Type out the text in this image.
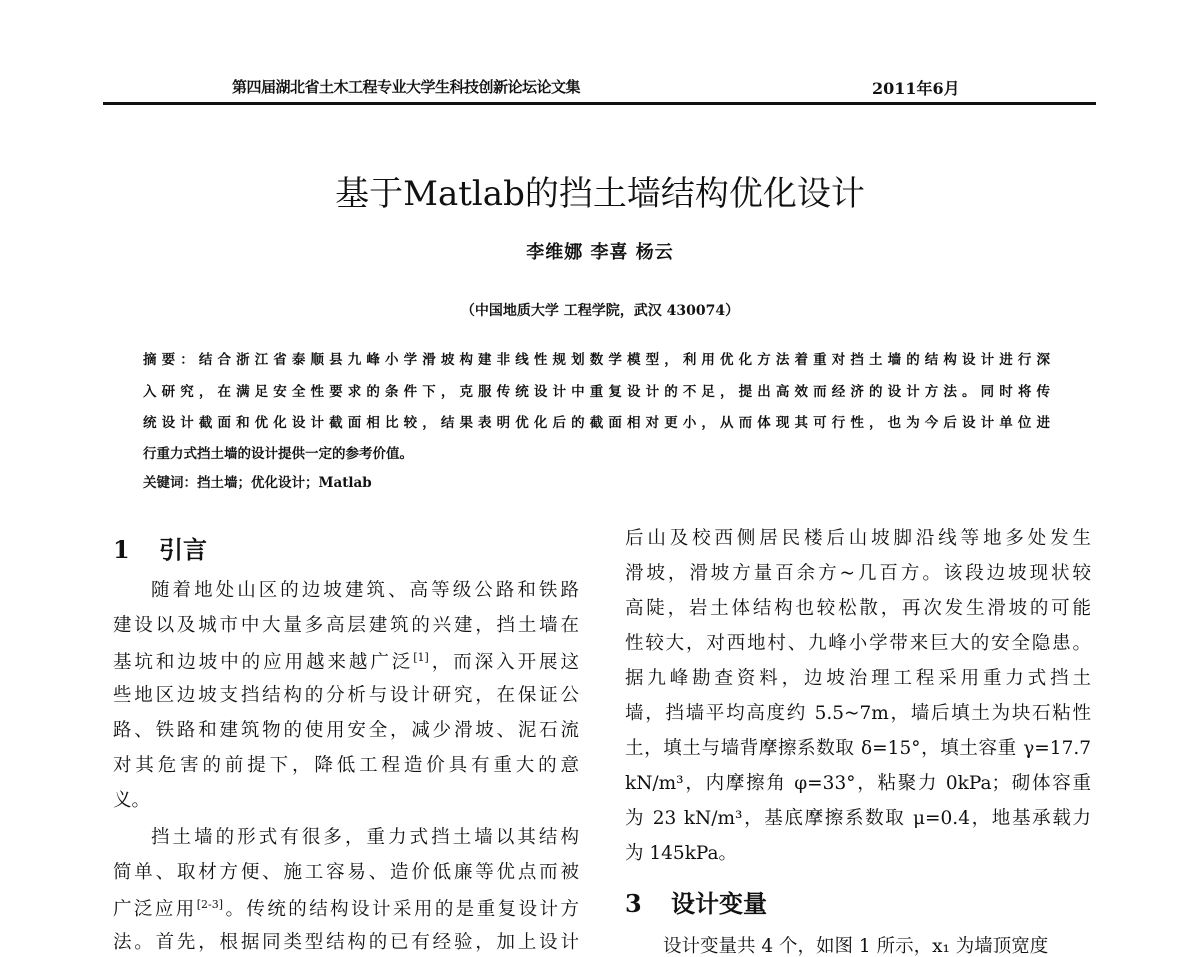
第四届湖北省土木工程专业大学生科技创新论坛论文集	2011年6月
基于Matlab的挡土墙结构优化设计
李维娜 李喜 杨云
（中国地质大学 工程学院，武汉 430074）
摘要：结合浙江省泰顺县九峰小学滑坡构建非线性规划数学模型，利用优化方法着重对挡土墙的结构设计进行深
入研究，在满足安全性要求的条件下，克服传统设计中重复设计的不足，提出高效而经济的设计方法。同时将传
统设计截面和优化设计截面相比较，结果表明优化后的截面相对更小，从而体现其可行性，也为今后设计单位进
行重力式挡土墙的设计提供一定的参考价值。
关键词：挡土墙；优化设计；Matlab
1 引言
随着地处山区的边坡建筑、高等级公路和铁路
建设以及城市中大量多高层建筑的兴建，挡土墙在
基坑和边坡中的应用越来越广泛[1]，而深入开展这
些地区边坡支挡结构的分析与设计研究，在保证公
路、铁路和建筑物的使用安全，减少滑坡、泥石流
对其危害的前提下，降低工程造价具有重大的意
义。
挡土墙的形式有很多，重力式挡土墙以其结构
简单、取材方便、施工容易、造价低廉等优点而被
广泛应用[2-3]。传统的结构设计采用的是重复设计方
法。首先，根据同类型结构的已有经验，加上设计
后山及校西侧居民楼后山坡脚沿线等地多处发生
滑坡，滑坡方量百余方~几百方。该段边坡现状较
高陡，岩土体结构也较松散，再次发生滑坡的可能
性较大，对西地村、九峰小学带来巨大的安全隐患。
据九峰勘查资料，边坡治理工程采用重力式挡土
墙，挡墙平均高度约 5.5~7m，墙后填土为块石粘性
土，填土与墙背摩擦系数取 δ=15°，填土容重 γ=17.7
kN/m³，内摩擦角 φ=33°，粘聚力 0kPa；砌体容重
为 23 kN/m³，基底摩擦系数取 μ=0.4，地基承载力
为 145kPa。
3 设计变量
设计变量共 4 个，如图 1 所示，x₁ 为墙顶宽度
